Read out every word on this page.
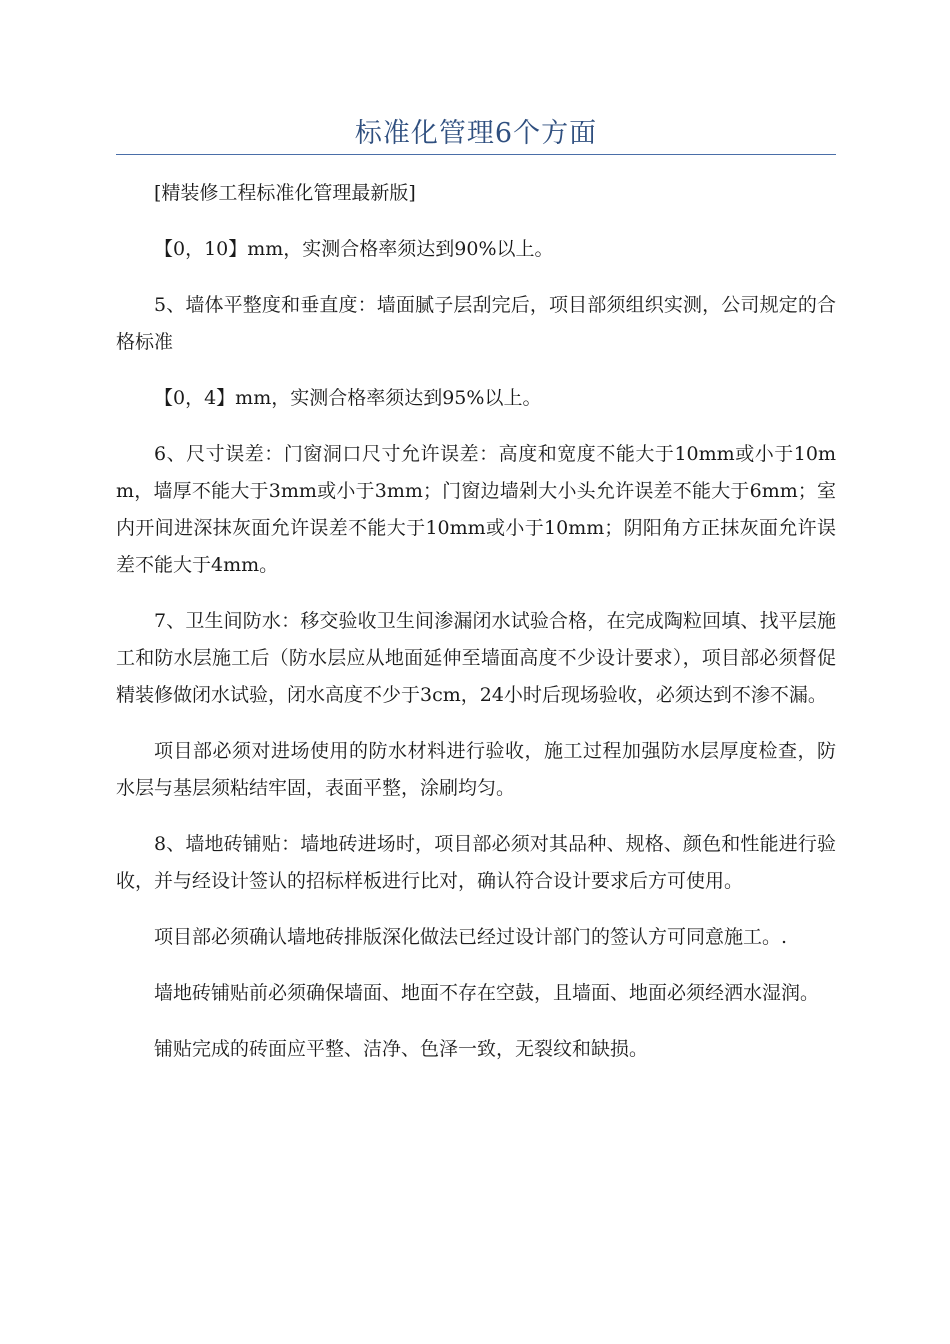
标准化管理6个方面

[精装修工程标准化管理最新版]

【0，10】mm，实测合格率须达到90%以上。

5、墙体平整度和垂直度：墙面腻子层刮完后，项目部须组织实测，公司规定的合格标准

【0，4】mm，实测合格率须达到95%以上。

6、尺寸误差：门窗洞口尺寸允许误差：高度和宽度不能大于10mm或小于10mm，墙厚不能大于3mm或小于3mm；门窗边墙剁大小头允许误差不能大于6mm；室内开间进深抹灰面允许误差不能大于10mm或小于10mm；阴阳角方正抹灰面允许误差不能大于4mm。

7、卫生间防水：移交验收卫生间渗漏闭水试验合格，在完成陶粒回填、找平层施工和防水层施工后（防水层应从地面延伸至墙面高度不少设计要求），项目部必须督促精装修做闭水试验，闭水高度不少于3cm，24小时后现场验收，必须达到不渗不漏。

项目部必须对进场使用的防水材料进行验收，施工过程加强防水层厚度检查，防水层与基层须粘结牢固，表面平整，涂刷均匀。

8、墙地砖铺贴：墙地砖进场时，项目部必须对其品种、规格、颜色和性能进行验收，并与经设计签认的招标样板进行比对，确认符合设计要求后方可使用。

项目部必须确认墙地砖排版深化做法已经过设计部门的签认方可同意施工。.

墙地砖铺贴前必须确保墙面、地面不存在空鼓，且墙面、地面必须经洒水湿润。

铺贴完成的砖面应平整、洁净、色泽一致，无裂纹和缺损。
